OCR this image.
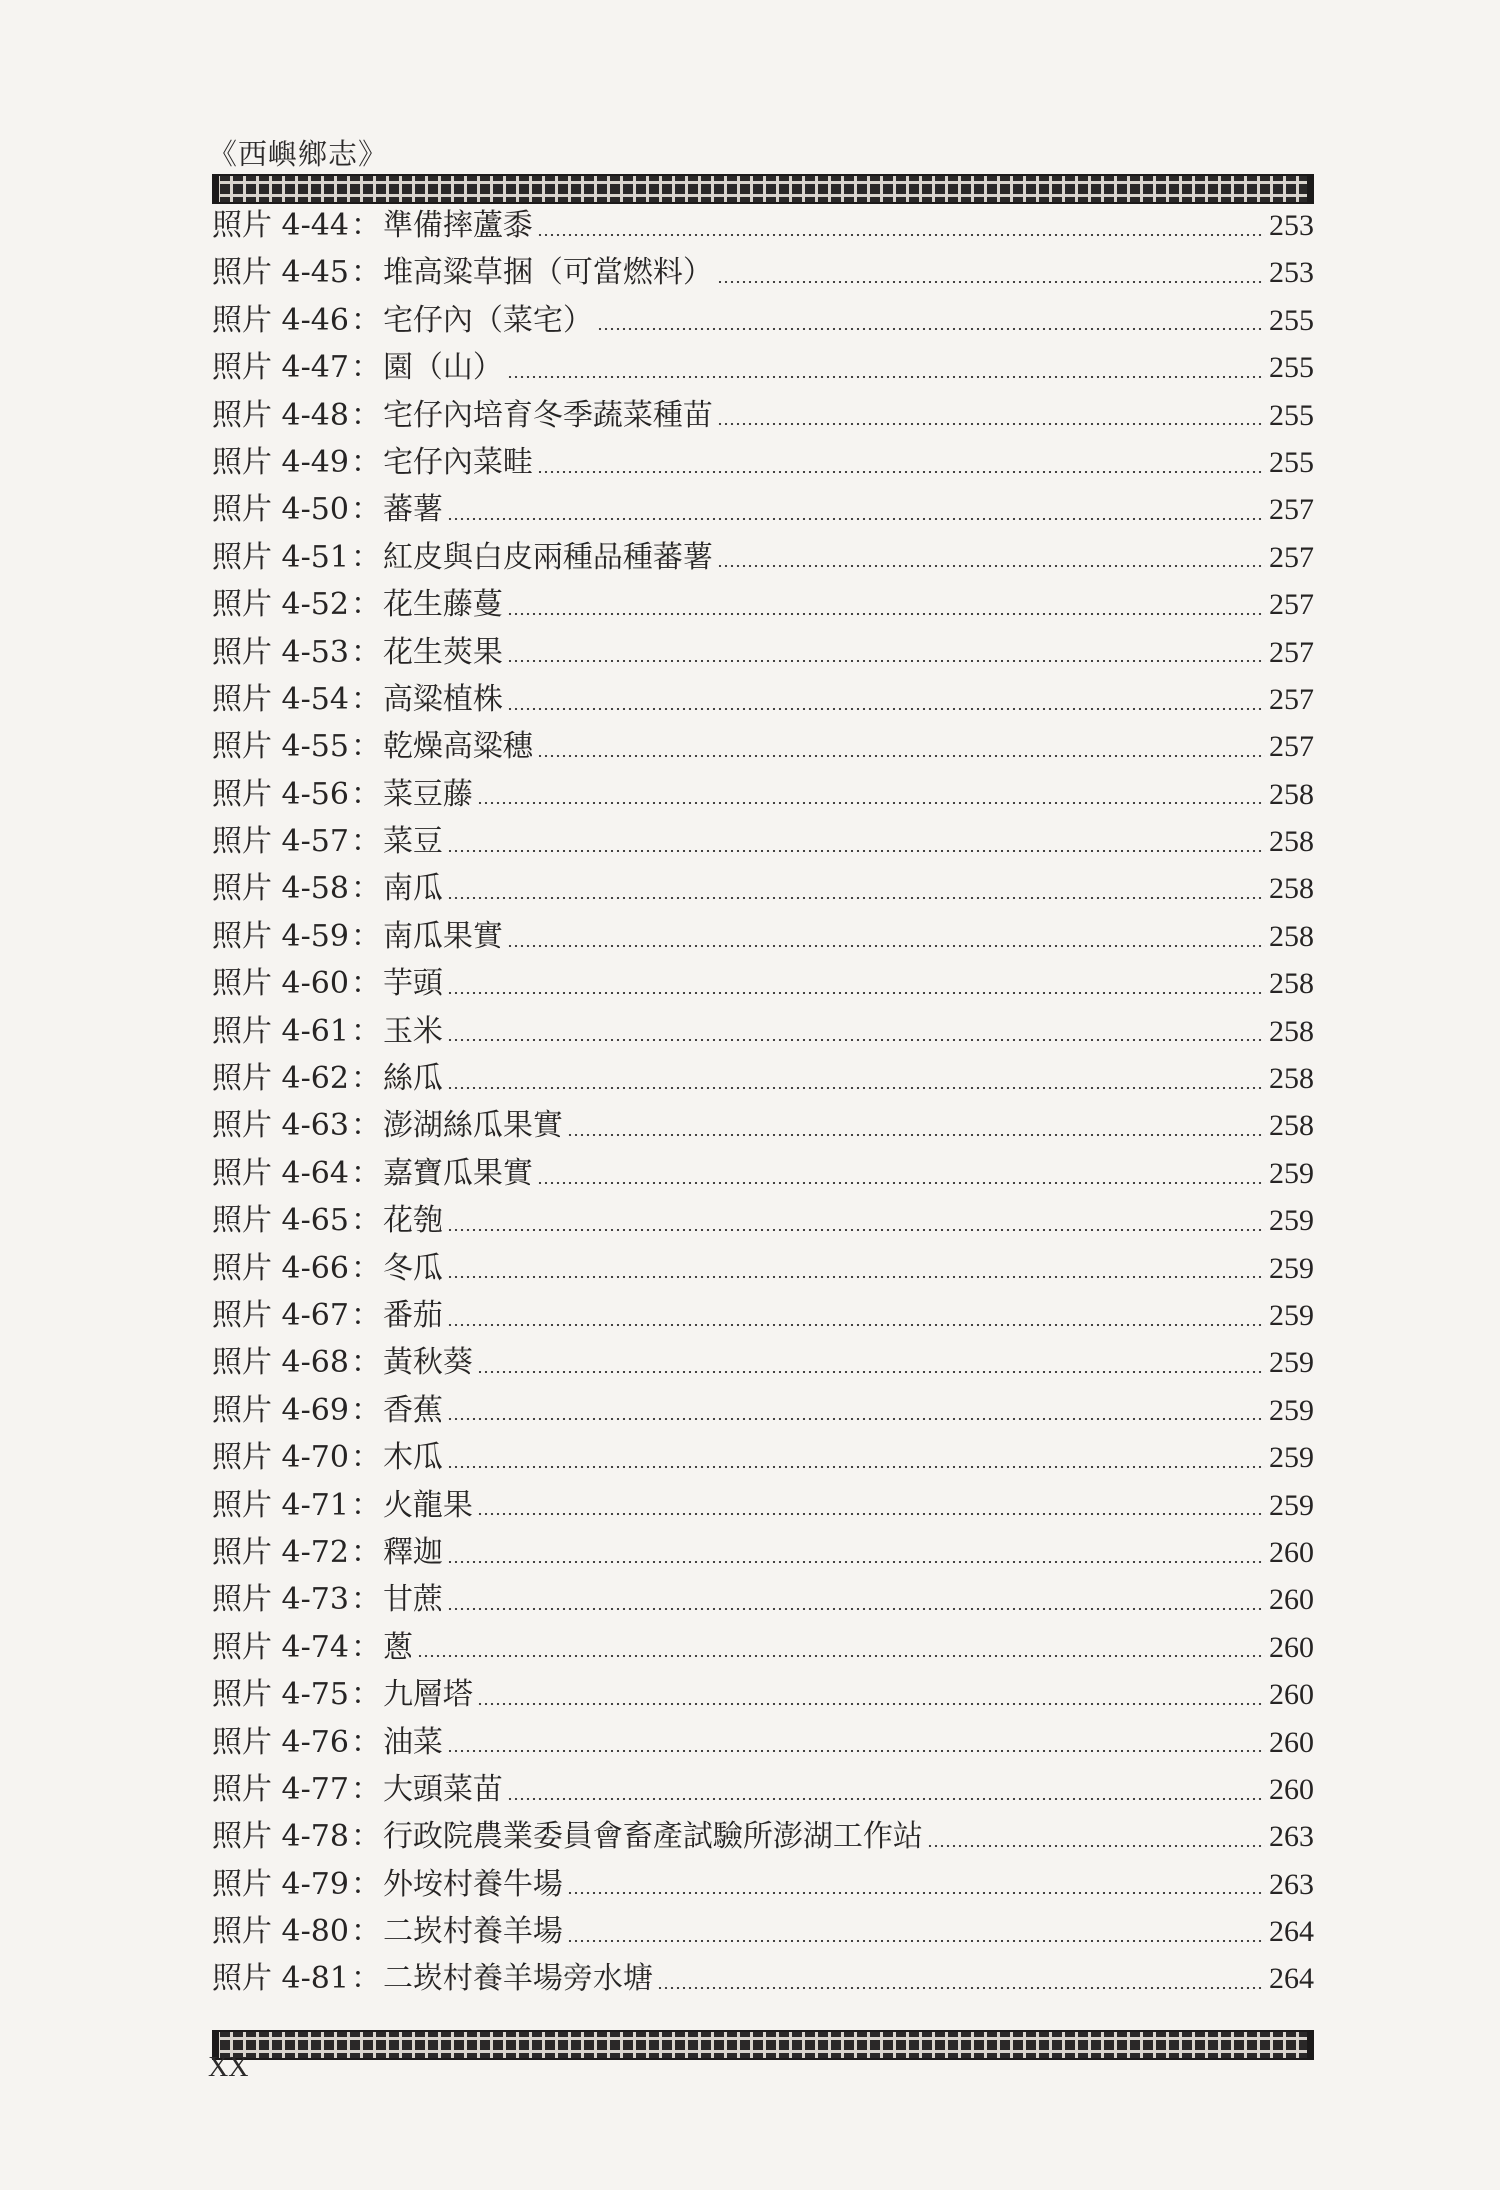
《西嶼鄉志》
照片 4-44 ： 準備摔蘆黍	253
照片 4-45 ： 堆高粱草捆（可當燃料）	253
照片 4-46 ： 宅仔內（菜宅）	255
照片 4-47 ： 園（山）	255
照片 4-48 ： 宅仔內培育冬季蔬菜種苗	255
照片 4-49 ： 宅仔內菜畦	255
照片 4-50 ： 蕃薯	257
照片 4-51 ： 紅皮與白皮兩種品種蕃薯	257
照片 4-52 ： 花生藤蔓	257
照片 4-53 ： 花生莢果	257
照片 4-54 ： 高粱植株	257
照片 4-55 ： 乾燥高粱穗	257
照片 4-56 ： 菜豆藤	258
照片 4-57 ： 菜豆	258
照片 4-58 ： 南瓜	258
照片 4-59 ： 南瓜果實	258
照片 4-60 ： 芋頭	258
照片 4-61 ： 玉米	258
照片 4-62 ： 絲瓜	258
照片 4-63 ： 澎湖絲瓜果實	258
照片 4-64 ： 嘉寶瓜果實	259
照片 4-65 ： 花匏	259
照片 4-66 ： 冬瓜	259
照片 4-67 ： 番茄	259
照片 4-68 ： 黃秋葵	259
照片 4-69 ： 香蕉	259
照片 4-70 ： 木瓜	259
照片 4-71 ： 火龍果	259
照片 4-72 ： 釋迦	260
照片 4-73 ： 甘蔗	260
照片 4-74 ： 蔥	260
照片 4-75 ： 九層塔	260
照片 4-76 ： 油菜	260
照片 4-77 ： 大頭菜苗	260
照片 4-78 ： 行政院農業委員會畜產試驗所澎湖工作站	263
照片 4-79 ： 外垵村養牛場	263
照片 4-80 ： 二崁村養羊場	264
照片 4-81 ： 二崁村養羊場旁水塘	264
XX
